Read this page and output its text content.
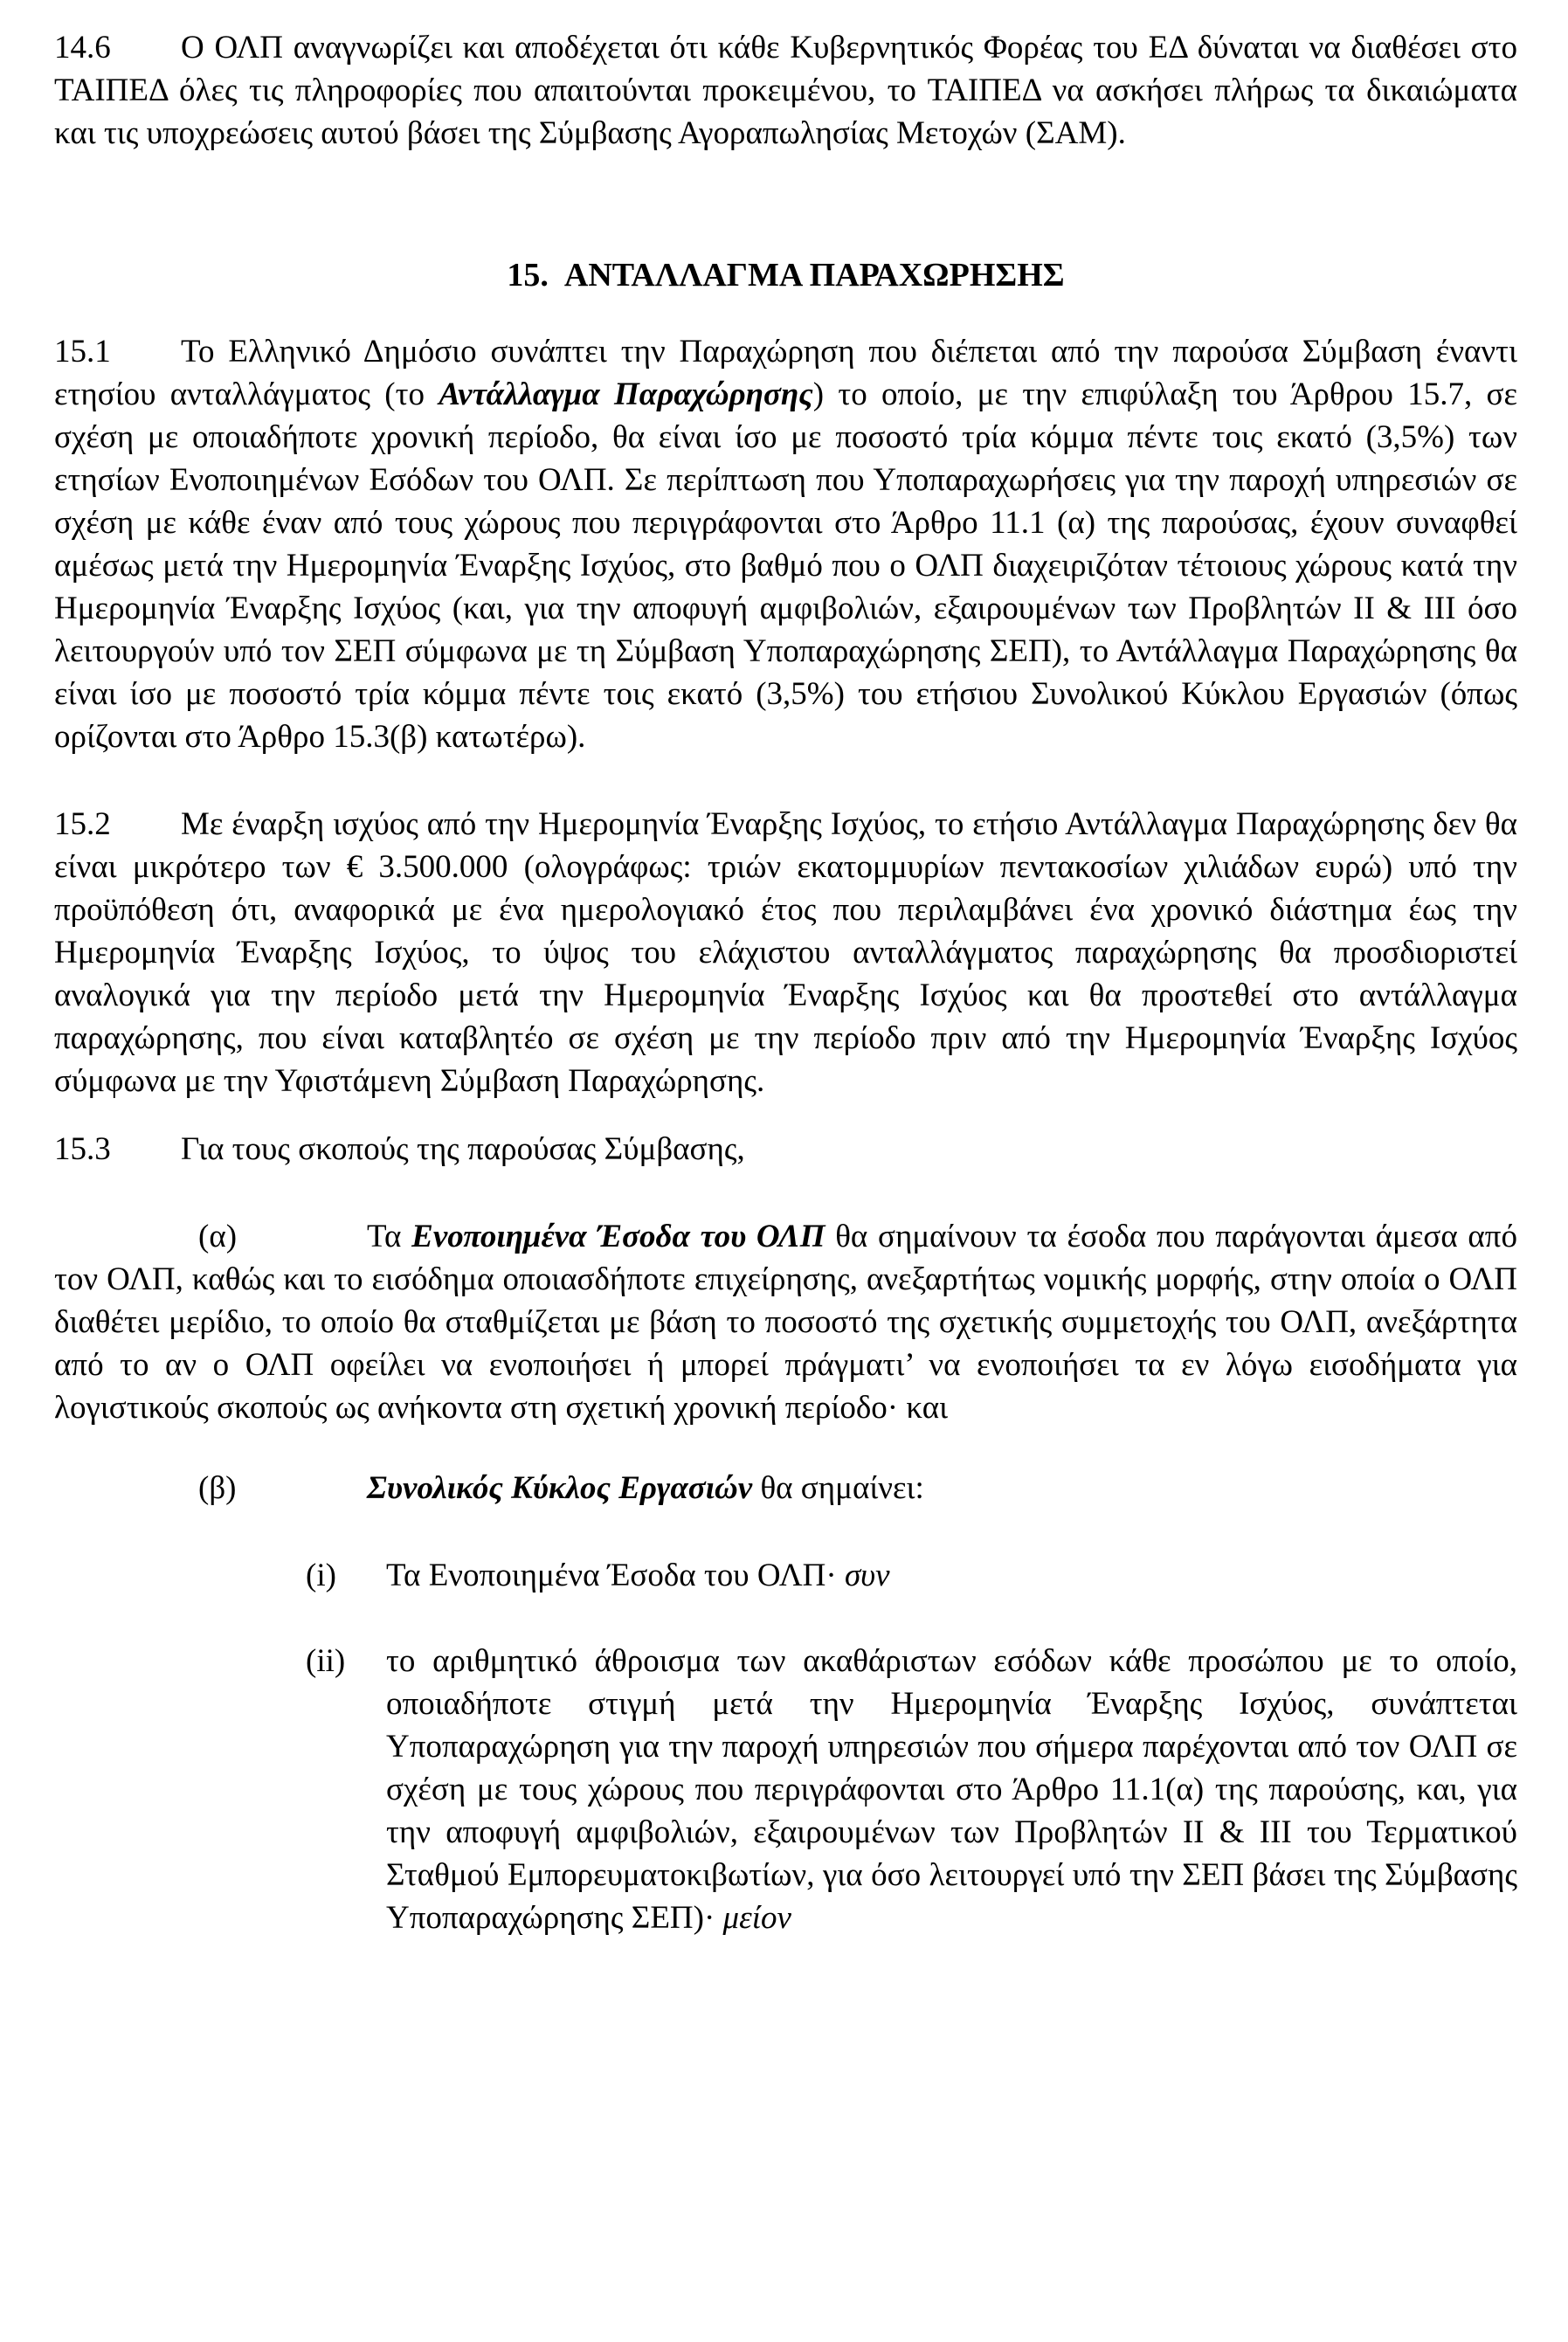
14.6 Ο ΟΛΠ αναγνωρίζει και αποδέχεται ότι κάθε Κυβερνητικός Φορέας του ΕΔ δύναται να διαθέσει στο ΤΑΙΠΕΔ όλες τις πληροφορίες που απαιτούνται προκειμένου, το ΤΑΙΠΕΔ να ασκήσει πλήρως τα δικαιώματα και τις υποχρεώσεις αυτού βάσει της Σύμβασης Αγοραπωλησίας Μετοχών (ΣΑΜ).

15. ΑΝΤΑΛΛΑΓΜΑ ΠΑΡΑΧΩΡΗΣΗΣ

15.1 Το Ελληνικό Δημόσιο συνάπτει την Παραχώρηση που διέπεται από την παρούσα Σύμβαση έναντι ετησίου ανταλλάγματος (το Αντάλλαγμα Παραχώρησης) το οποίο, με την επιφύλαξη του Άρθρου 15.7, σε σχέση με οποιαδήποτε χρονική περίοδο, θα είναι ίσο με ποσοστό τρία κόμμα πέντε τοις εκατό (3,5%) των ετησίων Ενοποιημένων Εσόδων του ΟΛΠ. Σε περίπτωση που Υποπαραχωρήσεις για την παροχή υπηρεσιών σε σχέση με κάθε έναν από τους χώρους που περιγράφονται στο Άρθρο 11.1 (α) της παρούσας, έχουν συναφθεί αμέσως μετά την Ημερομηνία Έναρξης Ισχύος, στο βαθμό που ο ΟΛΠ διαχειριζόταν τέτοιους χώρους κατά την Ημερομηνία Έναρξης Ισχύος (και, για την αποφυγή αμφιβολιών, εξαιρουμένων των Προβλητών II & III όσο λειτουργούν υπό τον ΣΕΠ σύμφωνα με τη Σύμβαση Υποπαραχώρησης ΣΕΠ), το Αντάλλαγμα Παραχώρησης θα είναι ίσο με ποσοστό τρία κόμμα πέντε τοις εκατό (3,5%) του ετήσιου Συνολικού Κύκλου Εργασιών (όπως ορίζονται στο Άρθρο 15.3(β) κατωτέρω).

15.2 Με έναρξη ισχύος από την Ημερομηνία Έναρξης Ισχύος, το ετήσιο Αντάλλαγμα Παραχώρησης δεν θα είναι μικρότερο των € 3.500.000 (ολογράφως: τριών εκατομμυρίων πεντακοσίων χιλιάδων ευρώ) υπό την προϋπόθεση ότι, αναφορικά με ένα ημερολογιακό έτος που περιλαμβάνει ένα χρονικό διάστημα έως την Ημερομηνία Έναρξης Ισχύος, το ύψος του ελάχιστου ανταλλάγματος παραχώρησης θα προσδιοριστεί αναλογικά για την περίοδο μετά την Ημερομηνία Έναρξης Ισχύος και θα προστεθεί στο αντάλλαγμα παραχώρησης, που είναι καταβλητέο σε σχέση με την περίοδο πριν από την Ημερομηνία Έναρξης Ισχύος σύμφωνα με την Υφιστάμενη Σύμβαση Παραχώρησης.

15.3 Για τους σκοπούς της παρούσας Σύμβασης,

(α)	Τα Ενοποιημένα Έσοδα του ΟΛΠ θα σημαίνουν τα έσοδα που παράγονται άμεσα από τον ΟΛΠ, καθώς και το εισόδημα οποιασδήποτε επιχείρησης, ανεξαρτήτως νομικής μορφής, στην οποία ο ΟΛΠ διαθέτει μερίδιο, το οποίο θα σταθμίζεται με βάση το ποσοστό της σχετικής συμμετοχής του ΟΛΠ, ανεξάρτητα από το αν ο ΟΛΠ οφείλει να ενοποιήσει ή μπορεί πράγματι’ να ενοποιήσει τα εν λόγω εισοδήματα για λογιστικούς σκοπούς ως ανήκοντα στη σχετική χρονική περίοδο· και

(β)	Συνολικός Κύκλος Εργασιών θα σημαίνει:

(i)	Τα Ενοποιημένα Έσοδα του ΟΛΠ· συν
(ii)	το αριθμητικό άθροισμα των ακαθάριστων εσόδων κάθε προσώπου με το οποίο, οποιαδήποτε στιγμή μετά την Ημερομηνία Έναρξης Ισχύος, συνάπτεται Υποπαραχώρηση για την παροχή υπηρεσιών που σήμερα παρέχονται από τον ΟΛΠ σε σχέση με τους χώρους που περιγράφονται στο Άρθρο 11.1(α) της παρούσης, και, για την αποφυγή αμφιβολιών, εξαιρουμένων των Προβλητών II & III του Τερματικού Σταθμού Εμπορευματοκιβωτίων, για όσο λειτουργεί υπό την ΣΕΠ βάσει της Σύμβασης Υποπαραχώρησης ΣΕΠ)· μείον
